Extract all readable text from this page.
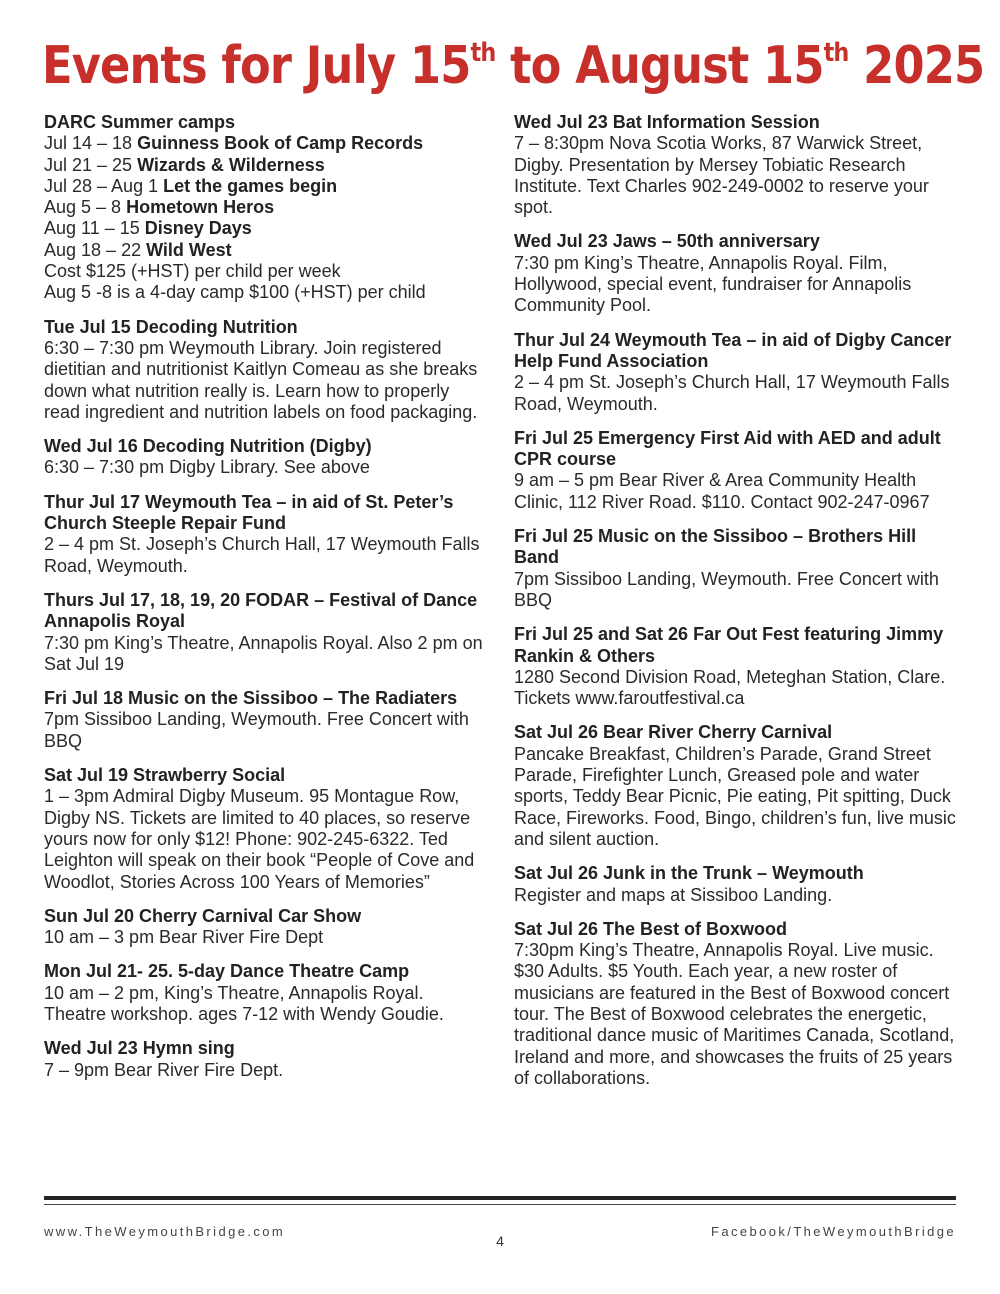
Events for July 15th to August 15th 2025
DARC Summer camps
Jul 14 – 18 Guinness Book of Camp Records
Jul 21 – 25 Wizards & Wilderness
Jul 28 – Aug 1 Let the games begin
Aug 5 – 8 Hometown Heros
Aug 11 – 15 Disney Days
Aug 18 – 22 Wild West

Cost $125 (+HST) per child per week

Aug 5 -8 is a 4-day camp $100 (+HST) per child

Tue Jul 15 Decoding Nutrition

6:30 – 7:30 pm Weymouth Library. Join registered dietitian and nutritionist Kaitlyn Comeau as she breaks down what nutrition really is. Learn how to properly read ingredient and nutrition labels on food packaging.

Wed Jul 16 Decoding Nutrition (Digby)

6:30 – 7:30 pm Digby Library. See above

Thur Jul 17 Weymouth Tea – in aid of St. Peter’s Church Steeple Repair Fund

2 – 4 pm St. Joseph’s Church Hall, 17 Weymouth Falls Road, Weymouth.

Thurs Jul 17, 18, 19, 20 FODAR – Festival of Dance Annapolis Royal

7:30 pm King’s Theatre, Annapolis Royal. Also 2 pm on Sat Jul 19

Fri Jul 18 Music on the Sissiboo – The Radiaters

7pm Sissiboo Landing, Weymouth. Free Concert with BBQ

Sat Jul 19 Strawberry Social

1 – 3pm Admiral Digby Museum. 95 Montague Row, Digby NS. Tickets are limited to 40 places, so reserve yours now for only $12! Phone: 902-245-6322. Ted Leighton will speak on their book “People of Cove and Woodlot, Stories Across 100 Years of Memories”

Sun Jul 20 Cherry Carnival Car Show

10 am – 3 pm Bear River Fire Dept

Mon Jul 21- 25. 5-day Dance Theatre Camp

10 am – 2 pm, King’s Theatre, Annapolis Royal. Theatre workshop. ages 7-12 with Wendy Goudie.

Wed Jul 23 Hymn sing

7 – 9pm Bear River Fire Dept.

Wed Jul 23 Bat Information Session

7 – 8:30pm Nova Scotia Works, 87 Warwick Street, Digby. Presentation by Mersey Tobiatic Research Institute. Text Charles 902-249-0002 to reserve your spot.

Wed Jul 23 Jaws – 50th anniversary

7:30 pm King’s Theatre, Annapolis Royal. Film, Hollywood, special event, fundraiser for Annapolis Community Pool.

Thur Jul 24 Weymouth Tea – in aid of Digby Cancer Help Fund Association

2 – 4 pm St. Joseph’s Church Hall, 17 Weymouth Falls Road, Weymouth.

Fri Jul 25 Emergency First Aid with AED and adult CPR course

9 am – 5 pm Bear River & Area Community Health Clinic, 112 River Road. $110. Contact 902-247-0967

Fri Jul 25 Music on the Sissiboo – Brothers Hill Band

7pm Sissiboo Landing, Weymouth. Free Concert with BBQ

Fri Jul 25 and Sat 26 Far Out Fest featuring Jimmy Rankin & Others

1280 Second Division Road, Meteghan Station, Clare. Tickets www.faroutfestival.ca

Sat Jul 26 Bear River Cherry Carnival

Pancake Breakfast, Children’s Parade, Grand Street Parade, Firefighter Lunch, Greased pole and water sports, Teddy Bear Picnic, Pie eating, Pit spitting, Duck Race, Fireworks. Food, Bingo, children’s fun, live music and silent auction.

Sat Jul 26 Junk in the Trunk – Weymouth

Register and maps at Sissiboo Landing.

Sat Jul 26 The Best of Boxwood

7:30pm King’s Theatre, Annapolis Royal. Live music. $30 Adults. $5 Youth. Each year, a new roster of musicians are featured in the Best of Boxwood concert tour. The Best of Boxwood celebrates the energetic, traditional dance music of Maritimes Canada, Scotland, Ireland and more, and showcases the fruits of 25 years of collaborations.

www.TheWeymouthBridge.com
4
Facebook/TheWeymouthBridge
